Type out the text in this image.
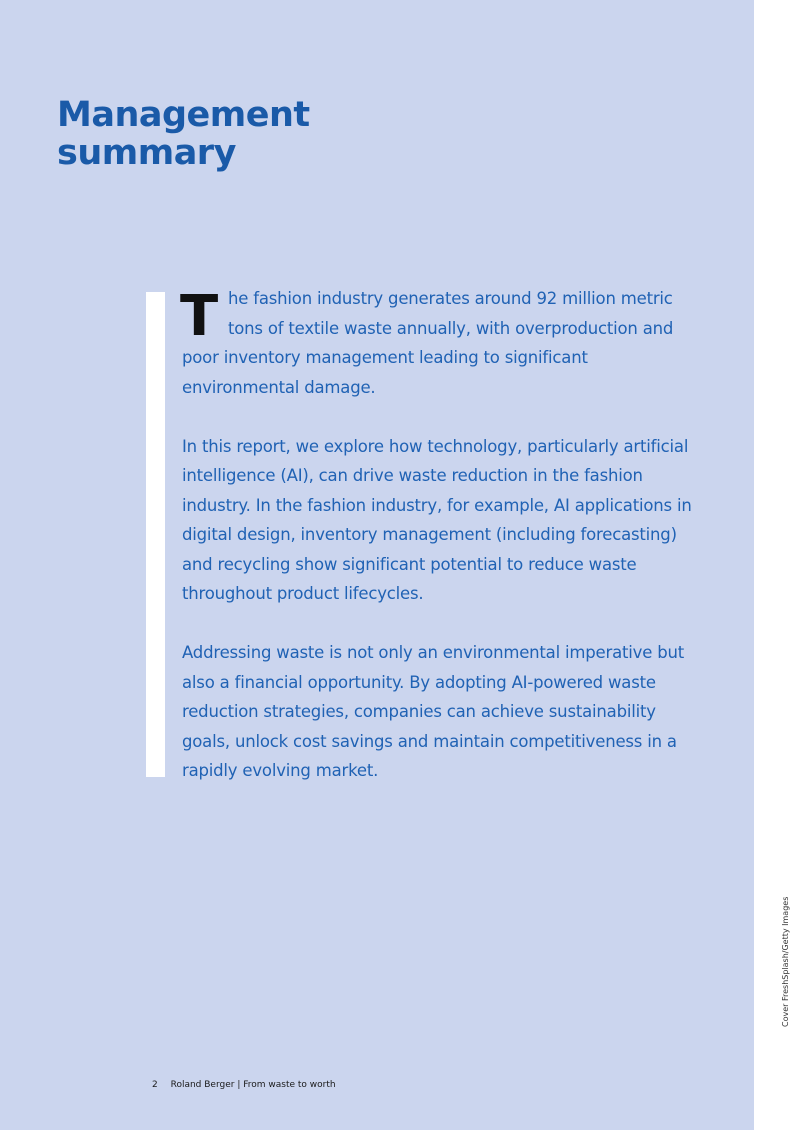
Management
summary

T he fashion industry generates around 92 million metric tons of textile waste annually, with overproduction and poor inventory management leading to significant environmental damage.

In this report, we explore how technology, particularly artificial intelligence (AI), can drive waste reduction in the fashion industry. In the fashion industry, for example, AI applications in digital design, inventory management (including forecasting) and recycling show significant potential to reduce waste throughout product lifecycles.

Addressing waste is not only an environmental imperative but also a financial opportunity. By adopting AI-powered waste reduction strategies, companies can achieve sustainability goals, unlock cost savings and maintain competitiveness in a rapidly evolving market.

2 Roland Berger | From waste to worth
Cover FreshSplash/Getty Images
